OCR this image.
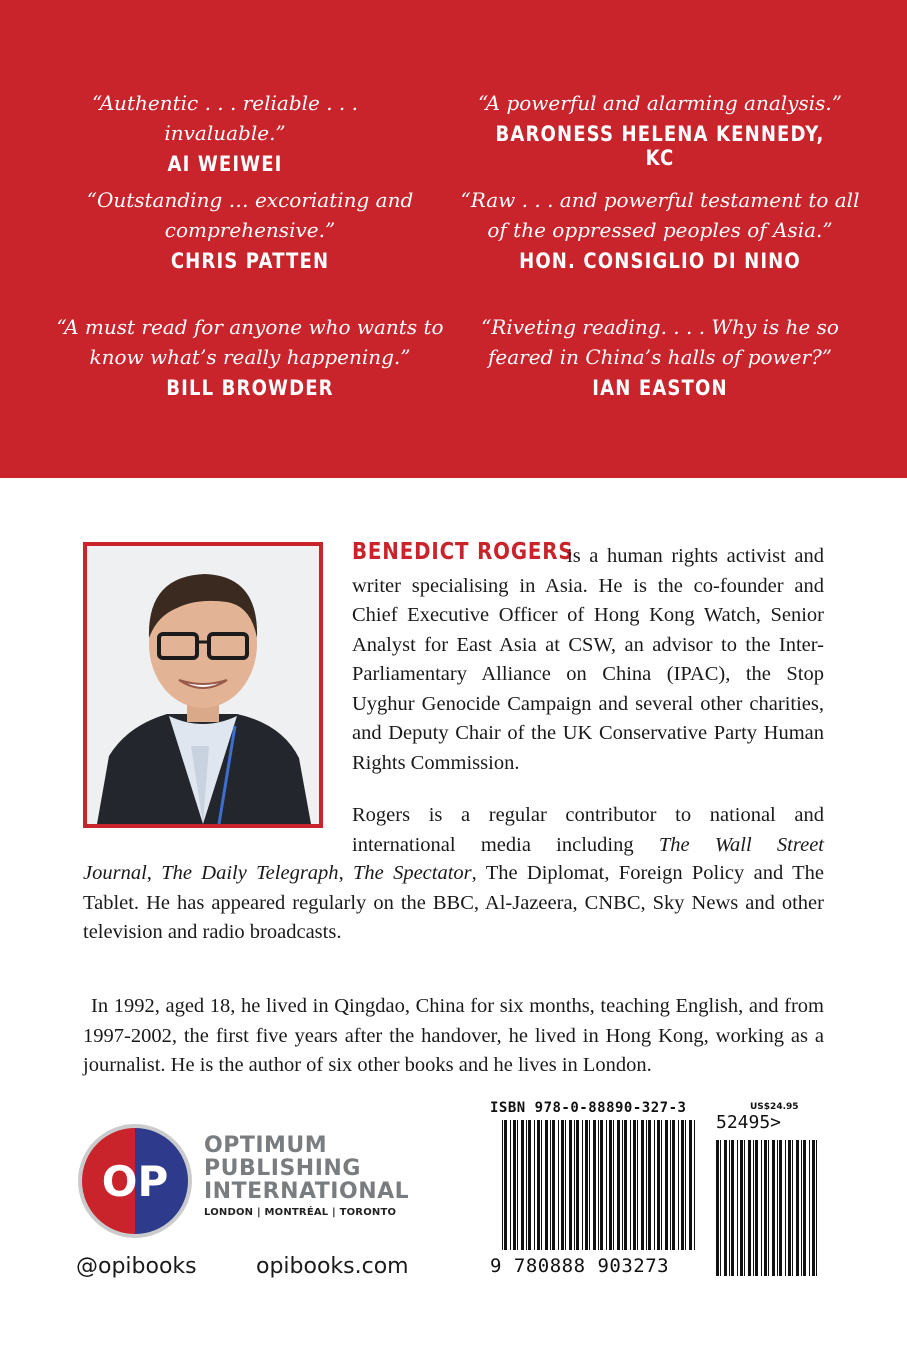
“Authentic . . . reliable . . . invaluable.”
AI WEIWEI
“A powerful and alarming analysis.”
BARONESS HELENA KENNEDY, KC
“Outstanding … excoriating and
comprehensive.”
CHRIS PATTEN
“Raw . . . and powerful testament to all
of the oppressed peoples of Asia.”
HON. CONSIGLIO DI NINO
“A must read for anyone who wants to
know what’s really happening.”
BILL BROWDER
“Riveting reading. . . . Why is he so
feared in China’s halls of power?”
IAN EASTON
BENEDICT ROGERS

is a human rights activist and writer specialising in Asia. He is the co-founder and Chief Executive Officer of Hong Kong Watch, Senior Analyst for East Asia at CSW, an advisor to the Inter-Parliamentary Alliance on China (IPAC), the Stop Uyghur Genocide Campaign and several other charities, and Deputy Chair of the UK Conservative Party Human Rights Commission.

Rogers is a regular contributor to national and
international media including The Wall Street

Journal, The Daily Telegraph, The Spectator, The Diplomat, Foreign Policy and The Tablet. He has appeared regularly on the BBC, Al-Jazeera, CNBC, Sky News and other television and radio broadcasts.

In 1992, aged 18, he lived in Qingdao, China for six months, teaching English, and from 1997-2002, the first five years after the handover, he lived in Hong Kong, working as a journalist. He is the author of six other books and he lives in London.

OP
OPTIMUM
PUBLISHING
INTERNATIONAL
LONDON | MONTRÉAL | TORONTO
@opibooks	opibooks.com
ISBN 978-0-88890-327-3	US$24.95
52495>
9 780888 903273
